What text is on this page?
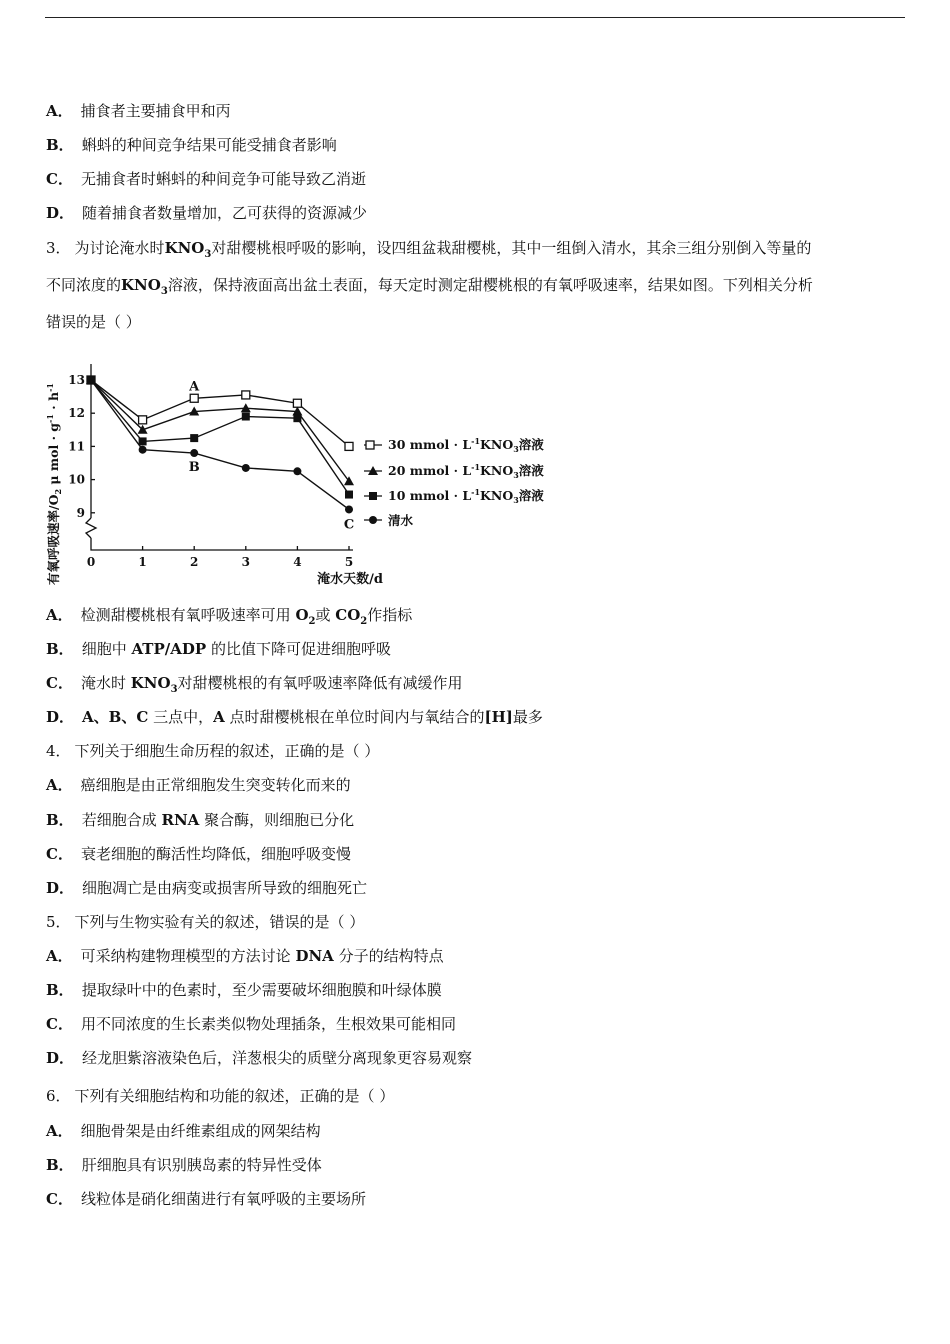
A． 捕食者主要捕食甲和丙
B． 蝌蚪的种间竞争结果可能受捕食者影响
C． 无捕食者时蝌蚪的种间竞争可能导致乙消逝
D． 随着捕食者数量增加，乙可获得的资源减少
3． 为讨论淹水时$KNO_3$对甜樱桃根呼吸的影响，设四组盆栽甜樱桃，其中一组倒入清水，其余三组分别倒入等量的
不同浓度的$KNO_3$溶液，保持液面高出盆土表面，每天定时测定甜樱桃根的有氧呼吸速率，结果如图。下列相关分析
错误的是（ ）
有氧呼吸速率$/O_2$ μ mol · $g^{-1} \cdot h^{-1}$
9
10
11
12
13
0	1	2	3	4	5
A
B
C
淹水天数/d
30 mmol · $L^{-1}KNO_3$溶液
20 mmol · $L^{-1}KNO_3$溶液
10 mmol · $L^{-1}KNO_3$溶液
清水
A． 检测甜樱桃根有氧呼吸速率可用 $O_2$或 $CO_2$作指标
B． 细胞中 ATP/ADP 的比值下降可促进细胞呼吸
C． 淹水时 $KNO_3$对甜樱桃根的有氧呼吸速率降低有减缓作用
D． A、B、C 三点中，A 点时甜樱桃根在单位时间内与氧结合的[H]最多
4． 下列关于细胞生命历程的叙述，正确的是（ ）
A． 癌细胞是由正常细胞发生突变转化而来的
B． 若细胞合成 RNA 聚合酶，则细胞已分化
C． 衰老细胞的酶活性均降低，细胞呼吸变慢
D． 细胞凋亡是由病变或损害所导致的细胞死亡
5． 下列与生物实验有关的叙述，错误的是（ ）
A． 可采纳构建物理模型的方法讨论 DNA 分子的结构特点
B． 提取绿叶中的色素时，至少需要破坏细胞膜和叶绿体膜
C． 用不同浓度的生长素类似物处理插条，生根效果可能相同
D． 经龙胆紫溶液染色后，洋葱根尖的质壁分离现象更容易观察
6． 下列有关细胞结构和功能的叙述，正确的是（ ）
A． 细胞骨架是由纤维素组成的网架结构
B． 肝细胞具有识别胰岛素的特异性受体
C． 线粒体是硝化细菌进行有氧呼吸的主要场所
